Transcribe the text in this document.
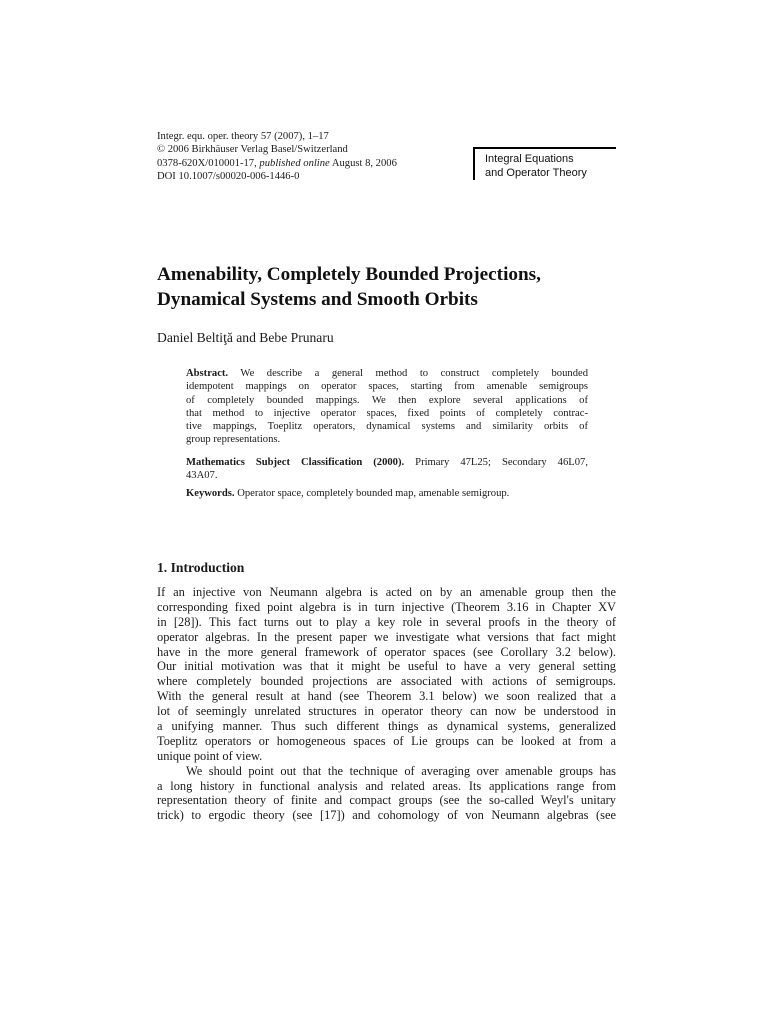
Integr. equ. oper. theory 57 (2007), 1–17
© 2006 Birkhäuser Verlag Basel/Switzerland
0378-620X/010001-17, published online August 8, 2006
DOI 10.1007/s00020-006-1446-0
Integral Equations
and Operator Theory
Amenability, Completely Bounded Projections,
Dynamical Systems and Smooth Orbits
Daniel Beltiţă and Bebe Prunaru
Abstract. We describe a general method to construct completely bounded
idempotent mappings on operator spaces, starting from amenable semigroups
of completely bounded mappings. We then explore several applications of
that method to injective operator spaces, fixed points of completely contrac-
tive mappings, Toeplitz operators, dynamical systems and similarity orbits of
group representations.
Mathematics Subject Classification (2000). Primary 47L25; Secondary 46L07,
43A07.
Keywords. Operator space, completely bounded map, amenable semigroup.
1. Introduction
If an injective von Neumann algebra is acted on by an amenable group then the
corresponding fixed point algebra is in turn injective (Theorem 3.16 in Chapter XV
in [28]). This fact turns out to play a key role in several proofs in the theory of
operator algebras. In the present paper we investigate what versions that fact might
have in the more general framework of operator spaces (see Corollary 3.2 below).
Our initial motivation was that it might be useful to have a very general setting
where completely bounded projections are associated with actions of semigroups.
With the general result at hand (see Theorem 3.1 below) we soon realized that a
lot of seemingly unrelated structures in operator theory can now be understood in
a unifying manner. Thus such different things as dynamical systems, generalized
Toeplitz operators or homogeneous spaces of Lie groups can be looked at from a
unique point of view.
We should point out that the technique of averaging over amenable groups has
a long history in functional analysis and related areas. Its applications range from
representation theory of finite and compact groups (see the so-called Weyl's unitary
trick) to ergodic theory (see [17]) and cohomology of von Neumann algebras (see
